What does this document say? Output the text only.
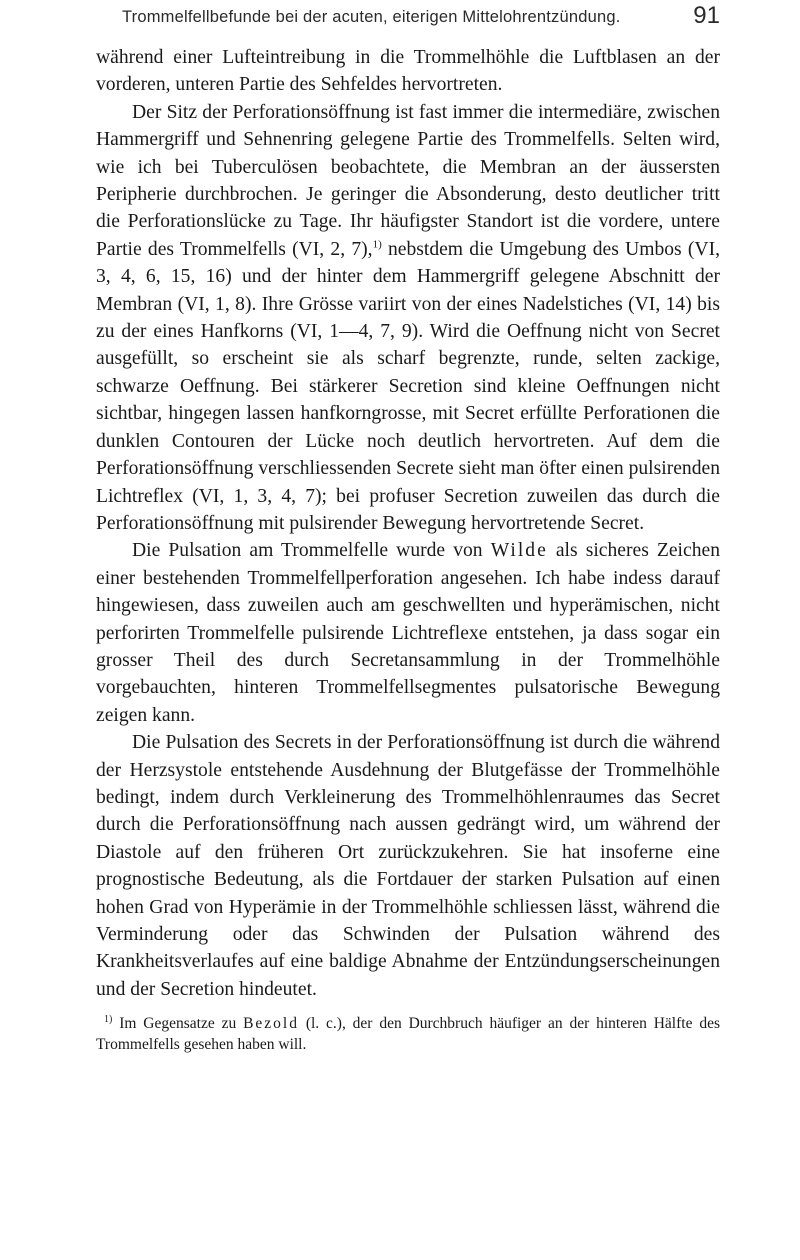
Trommelfellbefunde bei der acuten, eiterigen Mittelohrentzündung.	91

während einer Lufteintreibung in die Trommelhöhle die Luftblasen an der vorderen, unteren Partie des Sehfeldes hervortreten.

Der Sitz der Perforationsöffnung ist fast immer die intermediäre, zwischen Hammergriff und Sehnenring gelegene Partie des Trommelfells. Selten wird, wie ich bei Tuberculösen beobachtete, die Membran an der äussersten Peripherie durchbrochen. Je geringer die Absonderung, desto deutlicher tritt die Perforationslücke zu Tage. Ihr häufigster Standort ist die vordere, untere Partie des Trommelfells (VI, 2, 7),$^{1)}$ nebstdem die Umgebung des Umbos (VI, 3, 4, 6, 15, 16) und der hinter dem Hammergriff gelegene Abschnitt der Membran (VI, 1, 8). Ihre Grösse variirt von der eines Nadelstiches (VI, 14) bis zu der eines Hanfkorns (VI, 1—4, 7, 9). Wird die Oeffnung nicht von Secret ausgefüllt, so erscheint sie als scharf begrenzte, runde, selten zackige, schwarze Oeffnung. Bei stärkerer Secretion sind kleine Oeffnungen nicht sichtbar, hingegen lassen hanfkorngrosse, mit Secret erfüllte Perforationen die dunklen Contouren der Lücke noch deutlich hervortreten. Auf dem die Perforationsöffnung verschliessenden Secrete sieht man öfter einen pulsirenden Lichtreflex (VI, 1, 3, 4, 7); bei profuser Secretion zuweilen das durch die Perforationsöffnung mit pulsirender Bewegung hervortretende Secret.

Die Pulsation am Trommelfelle wurde von Wilde als sicheres Zeichen einer bestehenden Trommelfellperforation angesehen. Ich habe indess darauf hingewiesen, dass zuweilen auch am geschwellten und hyperämischen, nicht perforirten Trommelfelle pulsirende Lichtreflexe entstehen, ja dass sogar ein grosser Theil des durch Secretansammlung in der Trommelhöhle vorgebauchten, hinteren Trommelfellsegmentes pulsatorische Bewegung zeigen kann.

Die Pulsation des Secrets in der Perforationsöffnung ist durch die während der Herzsystole entstehende Ausdehnung der Blutgefässe der Trommelhöhle bedingt, indem durch Verkleinerung des Trommelhöhlenraumes das Secret durch die Perforationsöffnung nach aussen gedrängt wird, um während der Diastole auf den früheren Ort zurückzukehren. Sie hat insoferne eine prognostische Bedeutung, als die Fortdauer der starken Pulsation auf einen hohen Grad von Hyperämie in der Trommelhöhle schliessen lässt, während die Verminderung oder das Schwinden der Pulsation während des Krankheitsverlaufes auf eine baldige Abnahme der Entzündungserscheinungen und der Secretion hindeutet.

$^{1)}$ Im Gegensatze zu Bezold (l. c.), der den Durchbruch häufiger an der hinteren Hälfte des Trommelfells gesehen haben will.
